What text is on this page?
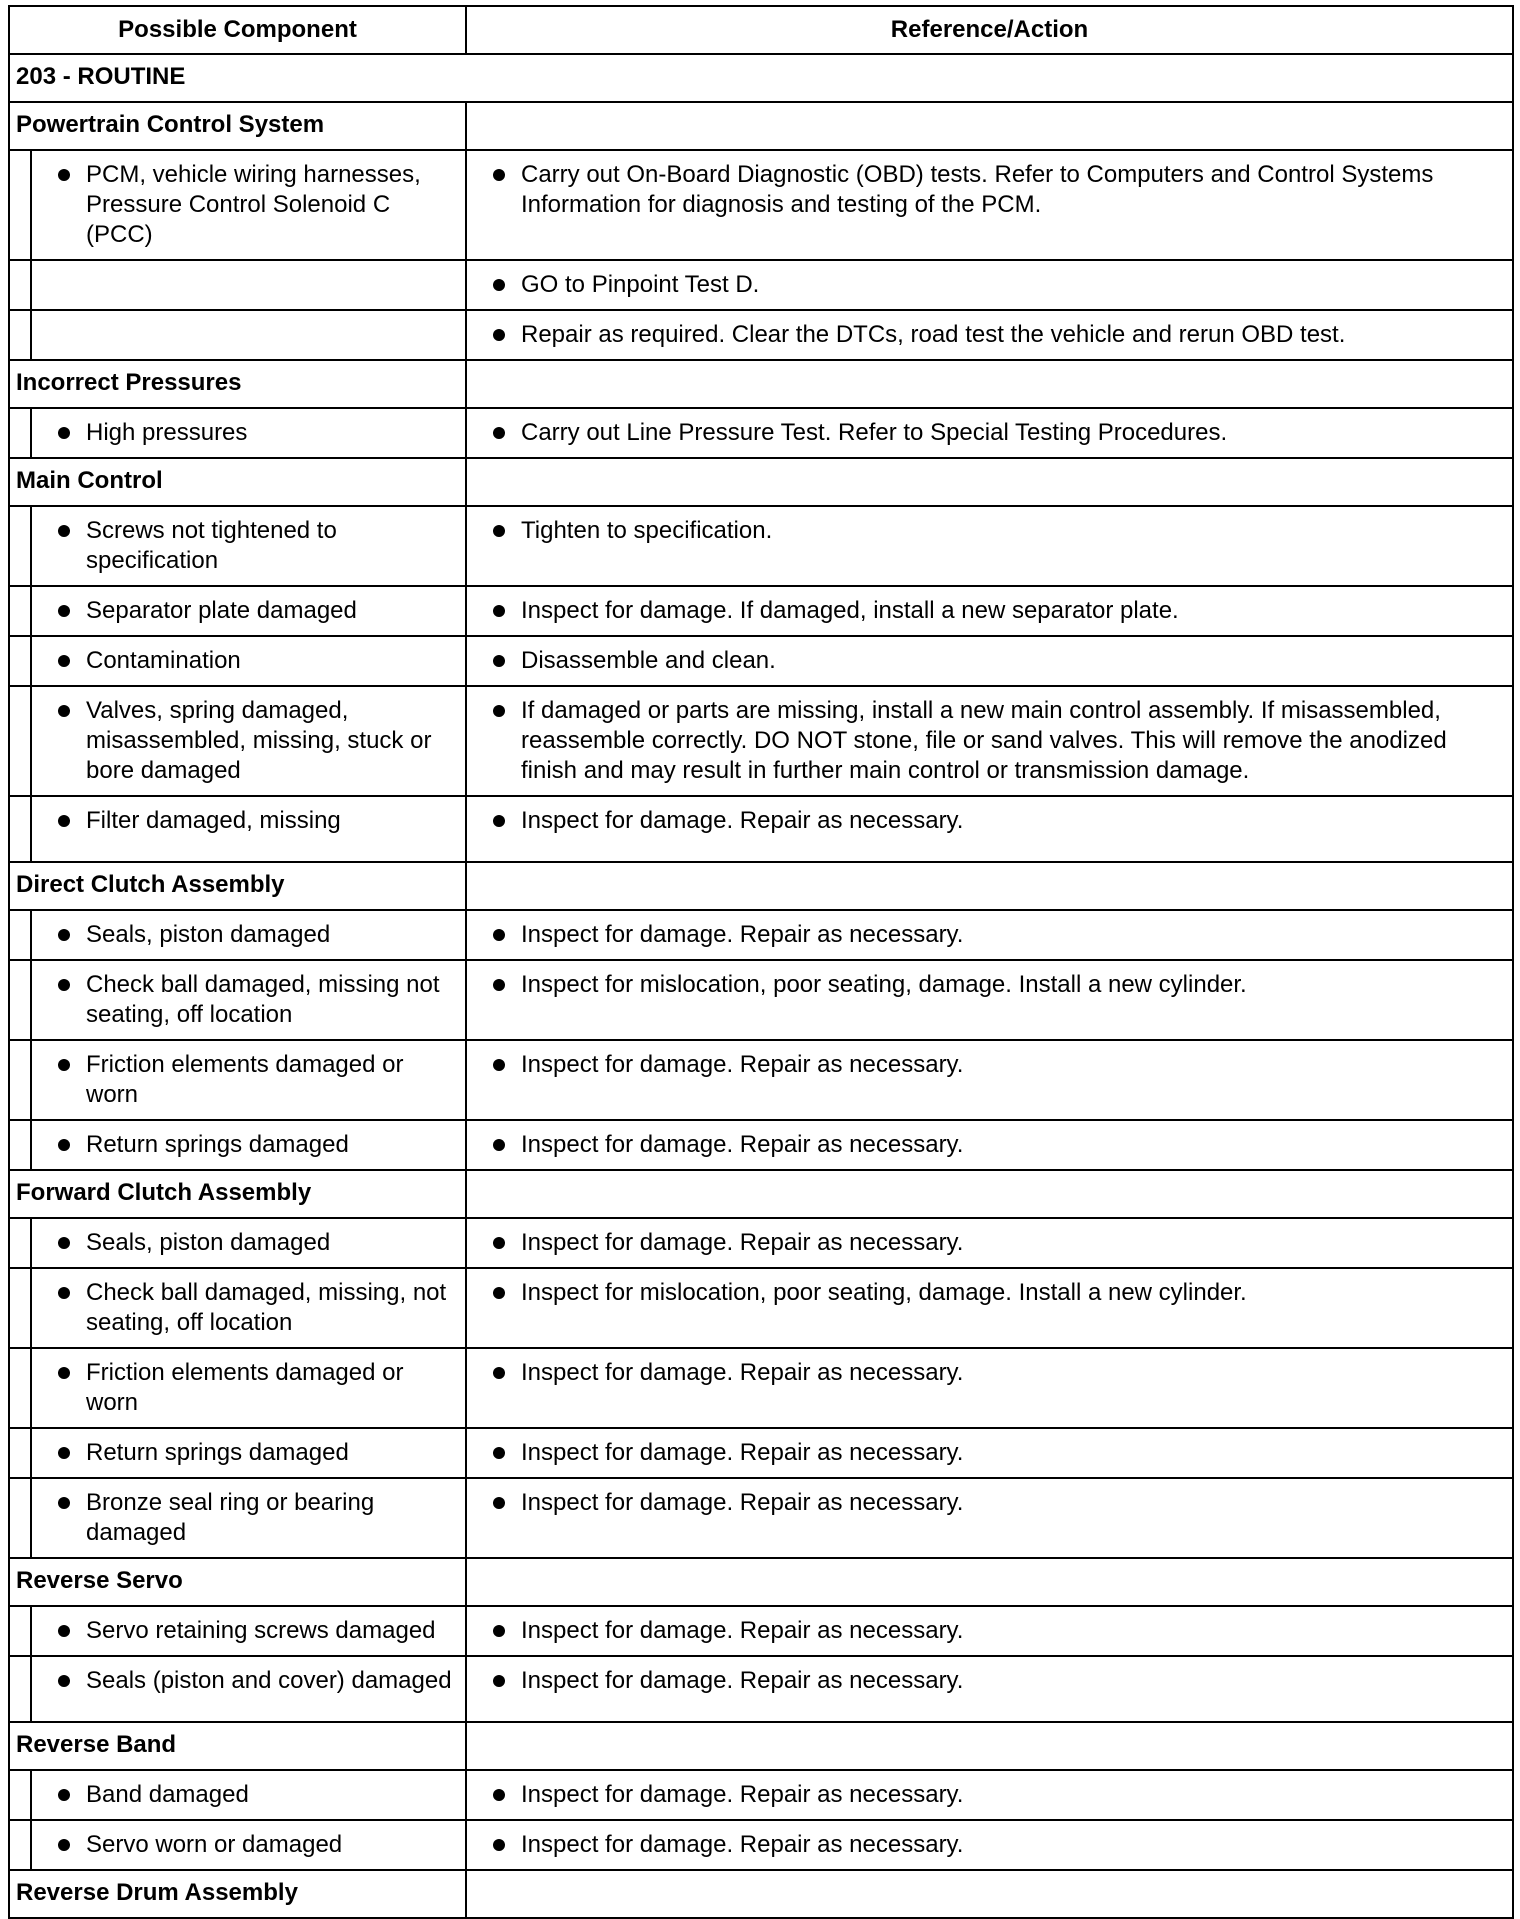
Possible Component		Reference/Action
203 - ROUTINE		
Powertrain Control System		

	PCM, vehicle wiring harnesses, Pressure Control Solenoid C (PCC)	Carry out On-Board Diagnostic (OBD) tests. Refer to Computers and Control Systems Information for diagnosis and testing of the PCM.

		GO to Pinpoint Test D.

		Repair as required. Clear the DTCs, road test the vehicle and rerun OBD test.

Incorrect Pressures		

	High pressures	Carry out Line Pressure Test. Refer to Special Testing Procedures.

Main Control		

	Screws not tightened to specification	Tighten to specification.

	Separator plate damaged	Inspect for damage. If damaged, install a new separator plate.

	Contamination	Disassemble and clean.

	Valves, spring damaged, misassembled, missing, stuck or bore damaged	If damaged or parts are missing, install a new main control assembly. If misassembled, reassemble correctly. DO NOT stone, file or sand valves. This will remove the anodized finish and may result in further main control or transmission damage.

	Filter damaged, missing	Inspect for damage. Repair as necessary.

Direct Clutch Assembly		

	Seals, piston damaged	Inspect for damage. Repair as necessary.

	Check ball damaged, missing not seating, off location	Inspect for mislocation, poor seating, damage. Install a new cylinder.

	Friction elements damaged or worn	Inspect for damage. Repair as necessary.

	Return springs damaged	Inspect for damage. Repair as necessary.

Forward Clutch Assembly		

	Seals, piston damaged	Inspect for damage. Repair as necessary.

	Check ball damaged, missing, not seating, off location	Inspect for mislocation, poor seating, damage. Install a new cylinder.

	Friction elements damaged or worn	Inspect for damage. Repair as necessary.

	Return springs damaged	Inspect for damage. Repair as necessary.

	Bronze seal ring or bearing damaged	Inspect for damage. Repair as necessary.

Reverse Servo		

	Servo retaining screws damaged	Inspect for damage. Repair as necessary.

	Seals (piston and cover) damaged	Inspect for damage. Repair as necessary.

Reverse Band		

	Band damaged	Inspect for damage. Repair as necessary.

	Servo worn or damaged	Inspect for damage. Repair as necessary.

Reverse Drum Assembly		
